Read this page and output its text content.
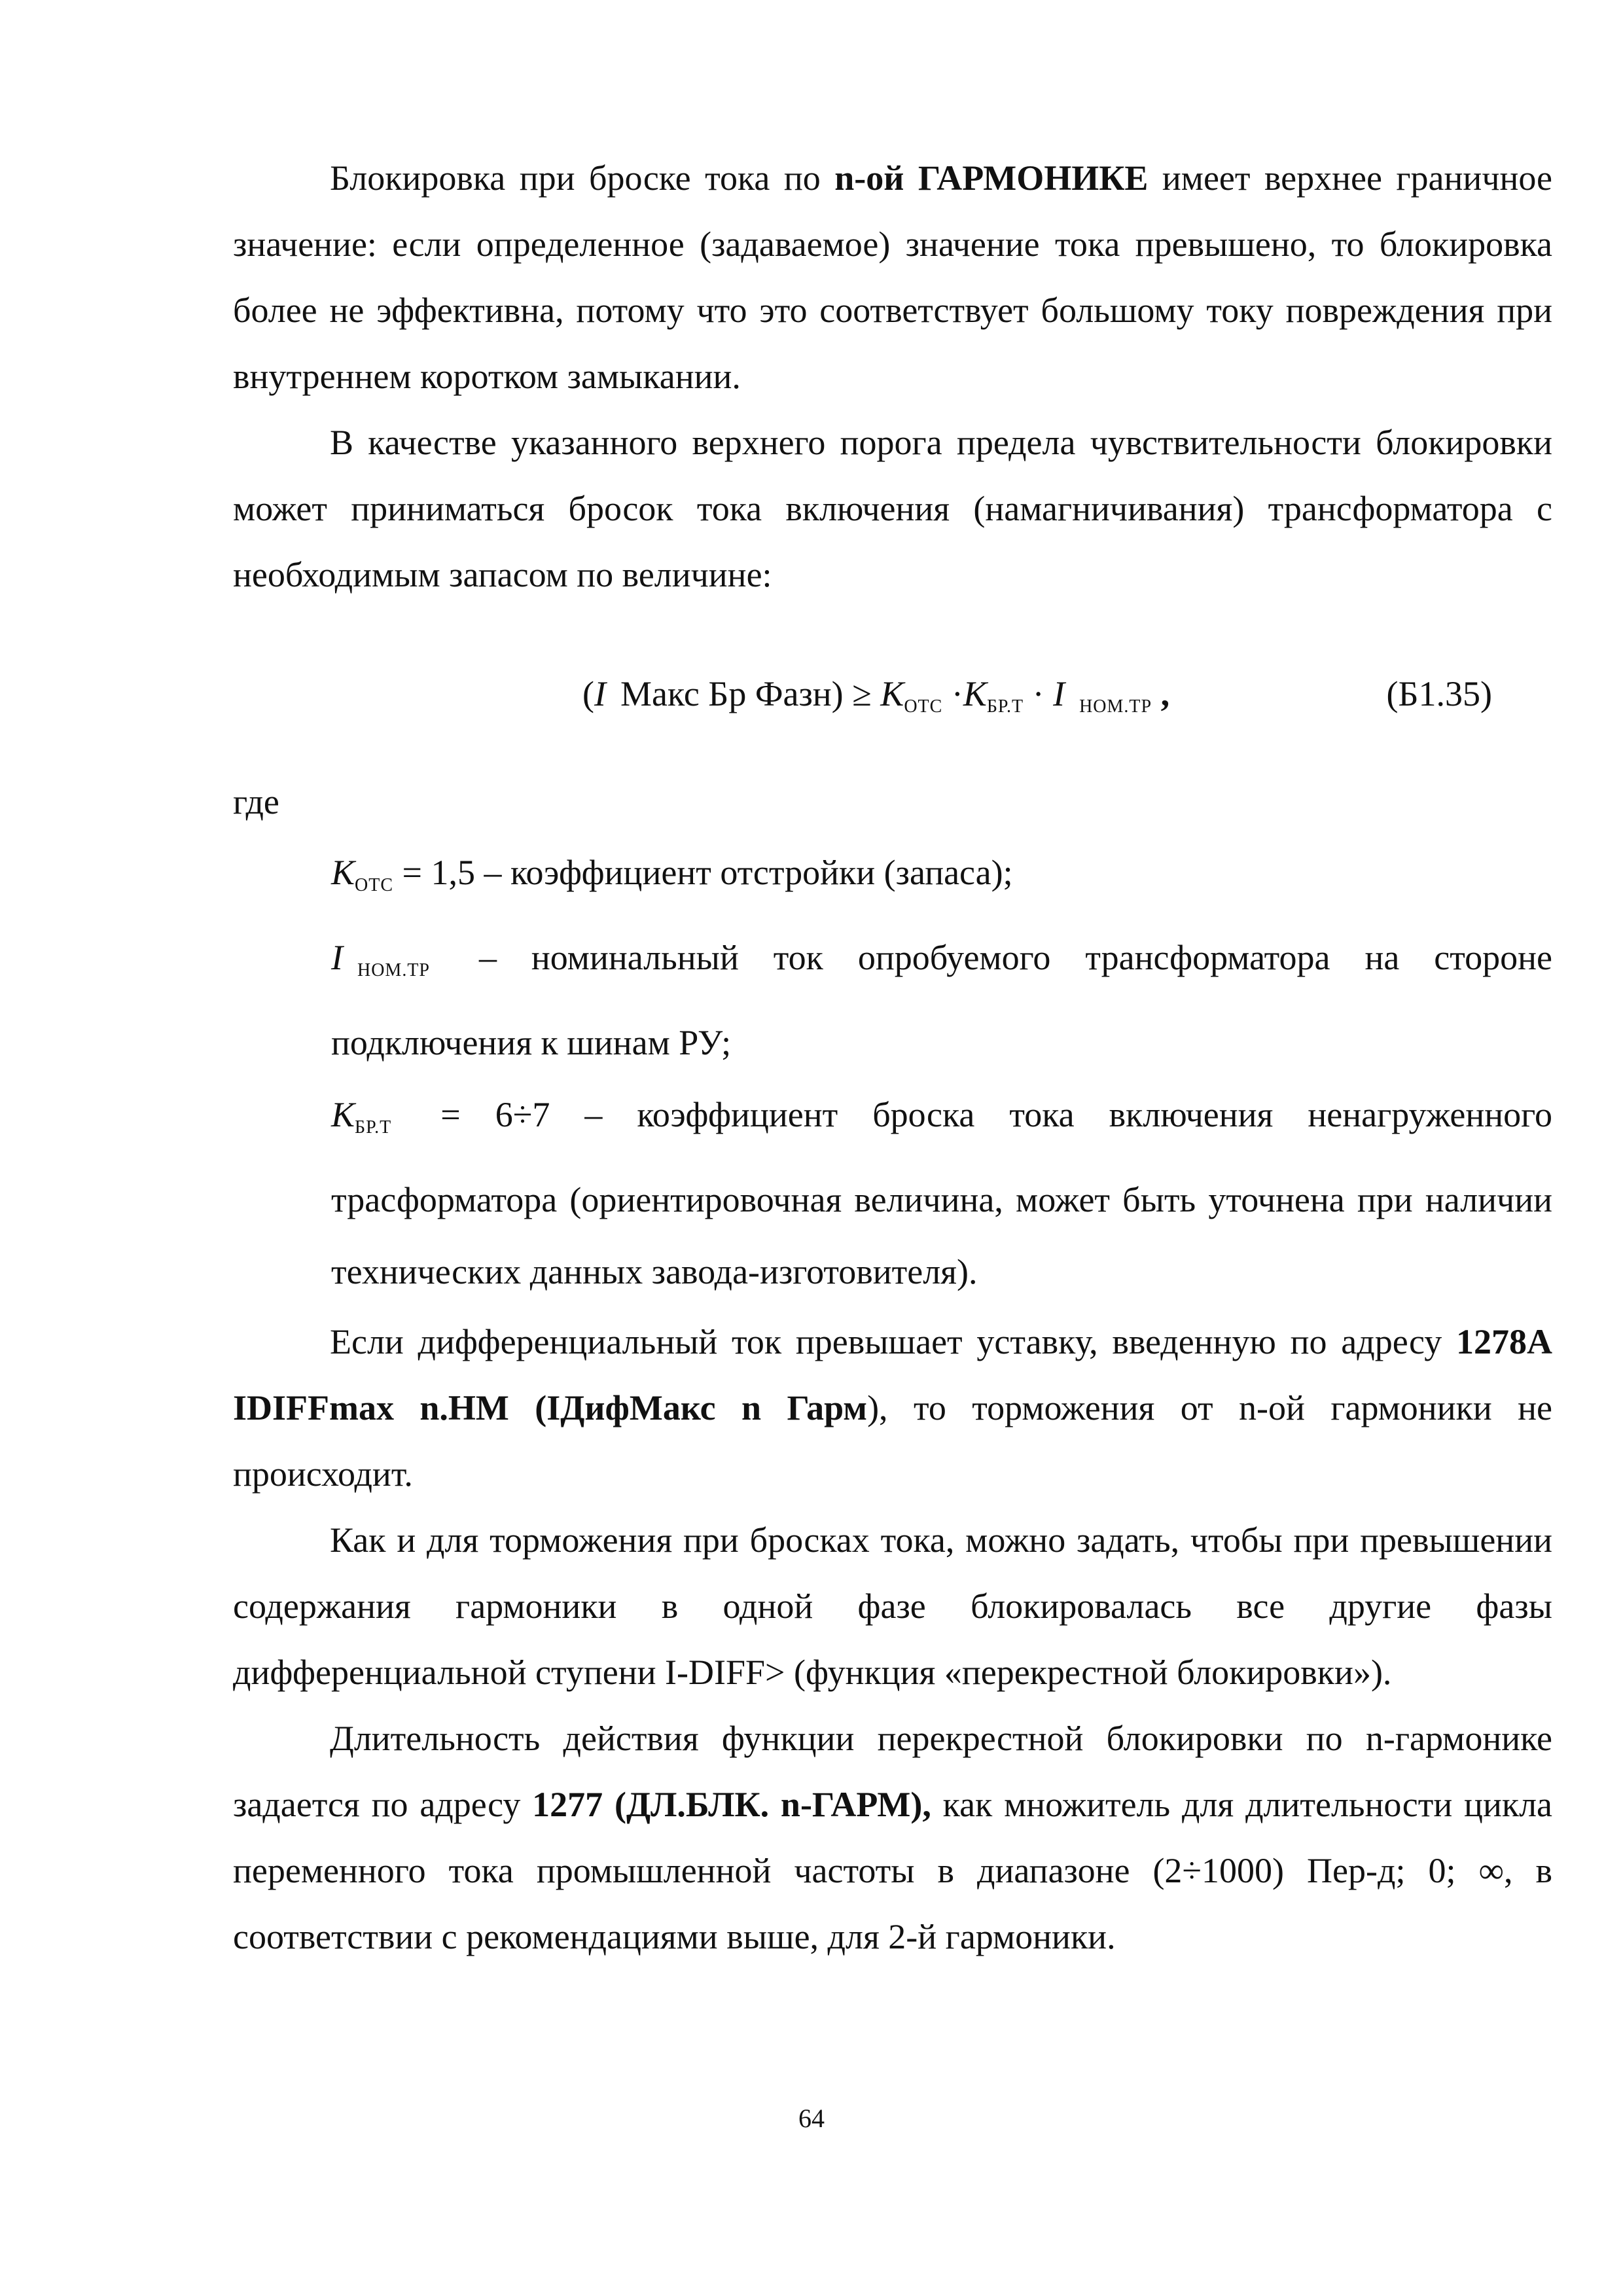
Блокировка при броске тока по n-ой ГАРМОНИКЕ имеет верхнее граничное значение: если определенное (задаваемое) значение тока превышено, то блокировка более не эффективна, потому что это соответствует большому току повреждения при внутреннем коротком замыкании.

В качестве указанного верхнего порога предела чувствительности блокировки может приниматься бросок тока включения (намагничивания) трансформатора с необходимым запасом по величине:

(I Макс Бр Фазн) ≥ $K_{ОТС} \cdot K_{БР.Т} \cdot I$ $_{НОМ.ТР}$ ,	(Б1.35)

где

$K_{ОТС} = 1,5$ – коэффициент отстройки (запаса);

I $_{НОМ.ТР}$ – номинальный ток опробуемого трансформатора на стороне подключения к шинам РУ;

$K_{БР.Т} = 6\div 7$ – коэффициент броска тока включения ненагруженного трасформатора (ориентировочная величина, может быть уточнена при наличии технических данных завода-изготовителя).

Если дифференциальный ток превышает уставку, введенную по адресу 1278A IDIFFmax n.HM (IДифМакс n Гарм), то торможения от n-ой гармоники не происходит.

Как и для торможения при бросках тока, можно задать, чтобы при превышении содержания гармоники в одной фазе блокировалась все другие фазы дифференциальной ступени I-DIFF> (функция «перекрестной блокировки»).

Длительность действия функции перекрестной блокировки по n-гармонике задается по адресу 1277 (ДЛ.БЛК. n-ГАРМ), как множитель для длительности цикла переменного тока промышленной частоты в диапазоне (2÷1000) Пер-д; 0; ∞, в соответствии с рекомендациями выше, для 2-й гармоники.

64
